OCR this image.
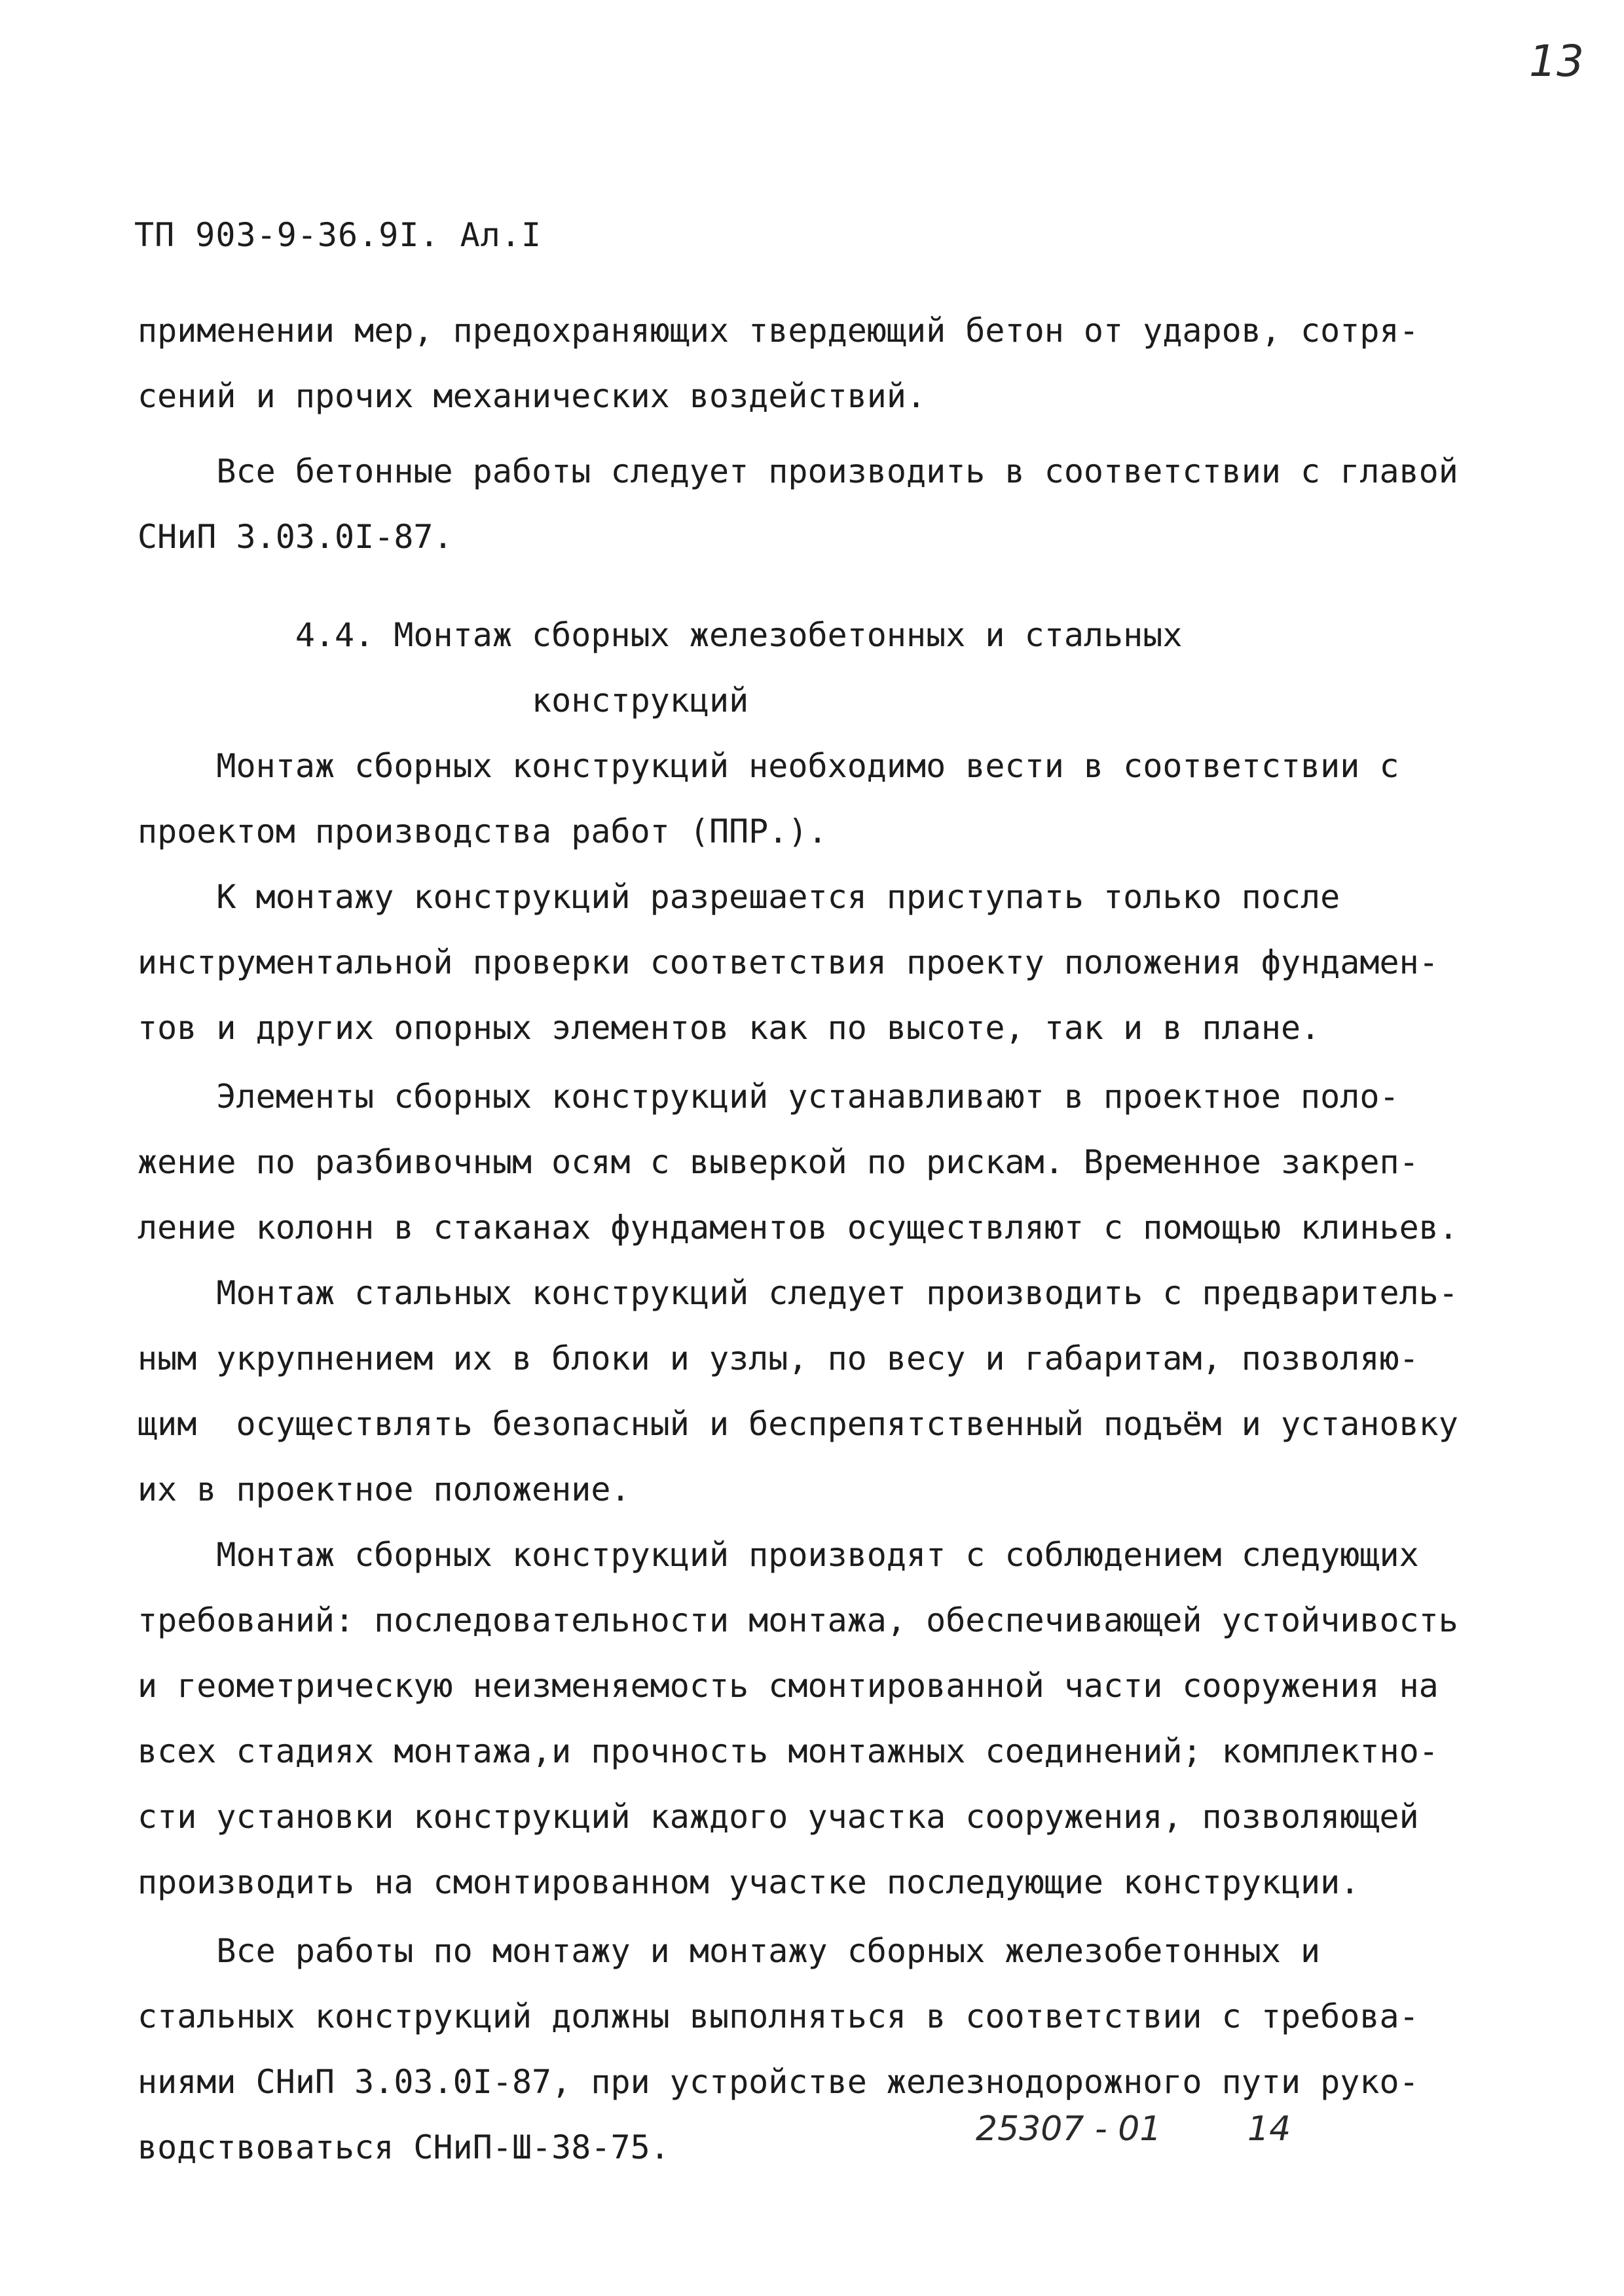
13
ТП 903-9-36.9I. Ал.I
применении мер, предохраняющих твердеющий бетон от ударов, сотря-
сений и прочих механических воздействий.
Все бетонные работы следует производить в соответствии с главой
СНиП 3.03.0I-87.
4.4. Монтаж сборных железобетонных и стальных
конструкций
Монтаж сборных конструкций необходимо вести в соответствии с
проектом производства работ (ППР.).
К монтажу конструкций разрешается приступать только после
инструментальной проверки соответствия проекту положения фундамен-
тов и других опорных элементов как по высоте, так и в плане.
Элементы сборных конструкций устанавливают в проектное поло-
жение по разбивочным осям с выверкой по рискам. Временное закреп-
ление колонн в стаканах фундаментов осуществляют с помощью клиньев.
Монтаж стальных конструкций следует производить с предваритель-
ным укрупнением их в блоки и узлы, по весу и габаритам, позволяю-
щим  осуществлять безопасный и беспрепятственный подъём и установку
их в проектное положение.
Монтаж сборных конструкций производят с соблюдением следующих
требований: последовательности монтажа, обеспечивающей устойчивость
и геометрическую неизменяемость смонтированной части сооружения на
всех стадиях монтажа,и прочность монтажных соединений; комплектно-
сти установки конструкций каждого участка сооружения, позволяющей
производить на смонтированном участке последующие конструкции.
Все работы по монтажу и монтажу сборных железобетонных и
стальных конструкций должны выполняться в соответствии с требова-
ниями СНиП 3.03.0I-87, при устройстве железнодорожного пути руко-
водствоваться СНиП-Ш-38-75.	25307 - 01	14
